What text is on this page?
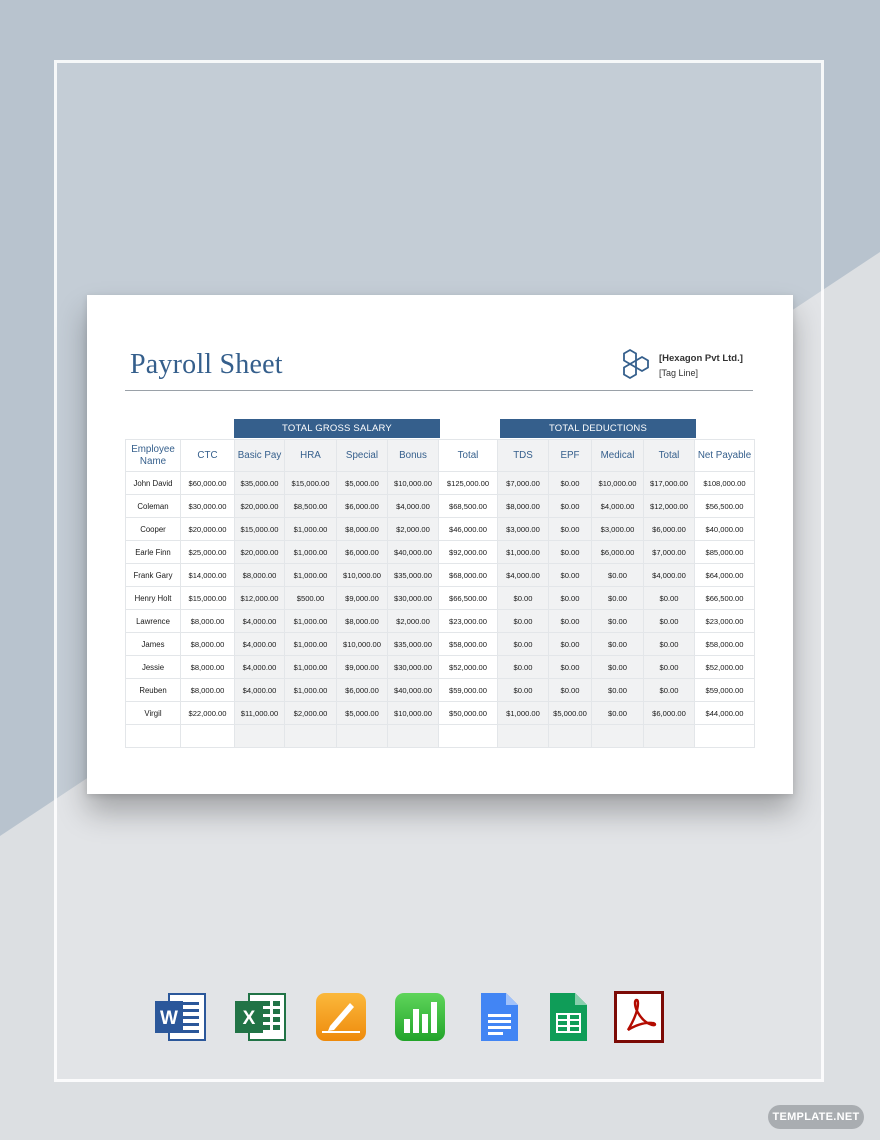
Payroll Sheet	[Hexagon Pvt Ltd.]
[Tag Line]
TOTAL GROSS SALARY	TOTAL DEDUCTIONS
Employee Name	CTC	Basic Pay	HRA	Special	Bonus	Total	TDS	EPF	Medical	Total	Net Payable
John David	$60,000.00	$35,000.00	$15,000.00	$5,000.00	$10,000.00	$125,000.00	$7,000.00	$0.00	$10,000.00	$17,000.00	$108,000.00
Coleman	$30,000.00	$20,000.00	$8,500.00	$6,000.00	$4,000.00	$68,500.00	$8,000.00	$0.00	$4,000.00	$12,000.00	$56,500.00
Cooper	$20,000.00	$15,000.00	$1,000.00	$8,000.00	$2,000.00	$46,000.00	$3,000.00	$0.00	$3,000.00	$6,000.00	$40,000.00
Earle Finn	$25,000.00	$20,000.00	$1,000.00	$6,000.00	$40,000.00	$92,000.00	$1,000.00	$0.00	$6,000.00	$7,000.00	$85,000.00
Frank Gary	$14,000.00	$8,000.00	$1,000.00	$10,000.00	$35,000.00	$68,000.00	$4,000.00	$0.00	$0.00	$4,000.00	$64,000.00
Henry Holt	$15,000.00	$12,000.00	$500.00	$9,000.00	$30,000.00	$66,500.00	$0.00	$0.00	$0.00	$0.00	$66,500.00
Lawrence	$8,000.00	$4,000.00	$1,000.00	$8,000.00	$2,000.00	$23,000.00	$0.00	$0.00	$0.00	$0.00	$23,000.00
James	$8,000.00	$4,000.00	$1,000.00	$10,000.00	$35,000.00	$58,000.00	$0.00	$0.00	$0.00	$0.00	$58,000.00
Jessie	$8,000.00	$4,000.00	$1,000.00	$9,000.00	$30,000.00	$52,000.00	$0.00	$0.00	$0.00	$0.00	$52,000.00
Reuben	$8,000.00	$4,000.00	$1,000.00	$6,000.00	$40,000.00	$59,000.00	$0.00	$0.00	$0.00	$0.00	$59,000.00
Virgil	$22,000.00	$11,000.00	$2,000.00	$5,000.00	$10,000.00	$50,000.00	$1,000.00	$5,000.00	$0.00	$6,000.00	$44,000.00

W	X
TEMPLATE.NET
